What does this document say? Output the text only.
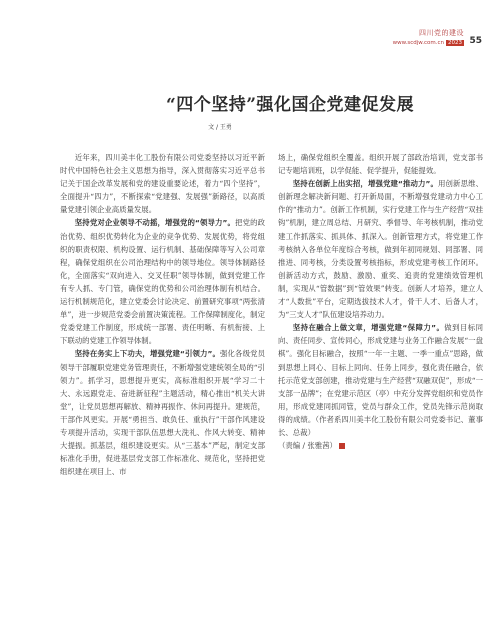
四川党的建设
www.scdjw.com.cn 2023 55
“四个坚持”强化国企党建促发展
文 / 王勇

近年来，四川美丰化工股份有限公司党委坚持以习近平新时代中国特色社会主义思想为指导，深入贯彻落实习近平总书记关于国企改革发展和党的建设重要论述，着力“四个坚持”，全面提升“四力”，不断探索“党建强、发展强”新路径，以高质量党建引领企业高质量发展。

坚持党对企业领导不动摇，增强党的“领导力”。把党的政治优势、组织优势转化为企业的竞争优势、发展优势，将党组织的职责权限、机构设置、运行机制、基础保障等写入公司章程，确保党组织在公司治理结构中的领导地位。领导体制路径化，全面落实“双向进入、交叉任职”领导体制，做到党建工作有专人抓、专门管，确保党的优势和公司治理体制有机结合。运行机制规范化，建立党委会讨论决定、前置研究事项“两张清单”，进一步规范党委会前置决策流程。工作保障制度化，制定党委党建工作制度，形成统一部署、责任明晰、有机衔接、上下联动的党建工作领导体制。

坚持在务实上下功夫，增强党建“引领力”。强化各级党员领导干部履职党建党务管理责任，不断增强党建统领全局的“引领力”。抓学习，思想提升更实，高标准组织开展“学习二十大、永远跟党走、奋进新征程”主题活动，精心推出“机关大讲堂”，让党员思想再解放、精神再振作、休问再提升。建规范，干部作风更实。开展“勇担当、敢负任、重执行”干部作风建设专项提升活动，实现干部队伍思想大洗礼、作风大转变、精神大提振。抓基层，组织建设更实。从“三基本”严起，制定支部标准化手册，促进基层党支部工作标准化、规范化，坚持把党组织建在项目上、市

场上，确保党组织全覆盖。组织开展了部政治培训，党支部书记专题培训班，以学促能、促学提升，促能提效。

坚持在创新上出实招，增强党建“推动力”。用创新思维、创新理念解决新问题、打开新局面，不断增强党建动力中心工作的“推动力”。创新工作机制，实行党建工作与生产经营“双挂钩”机制，建立周总结、月研究、季督导、年考核机制，推动党建工作抓落实、抓具体、抓深入。创新管理方式，将党建工作考核纳入各单位年度综合考核，做到年初同规划、同部署、同推进、同考核，分类设置考核指标，形成党建考核工作闭环。创新活动方式，鼓励、激励、重奖、追责的党建绩效管理机制，实现从“管数据”到“管效果”转变。创新人才培养，建立人才“人数批”平台，定期选拔技术人才，骨干人才、后备人才，为“三支人才”队伍建设培养动力。

坚持在融合上做文章，增强党建“保障力”。做到目标同向、责任同步、宣传同心，形成党建与业务工作融合发展“一盘棋”。强化目标融合，按照“一年一主题、一季一重点”思路，做到思想上同心、目标上同向、任务上同步，强化责任融合，依托示范党支部创建，推动党建与生产经营“双融双促”，形成“一支部一品牌”；在党建示范区（亭）中充分发挥党组织和党员作用，形成党建同抓同管，党员与群众工作，党员先锋示范岗取得的成绩。（作者系四川美丰化工股份有限公司党委书记、董事长、总裁）

（责编 / 张雅茜）
